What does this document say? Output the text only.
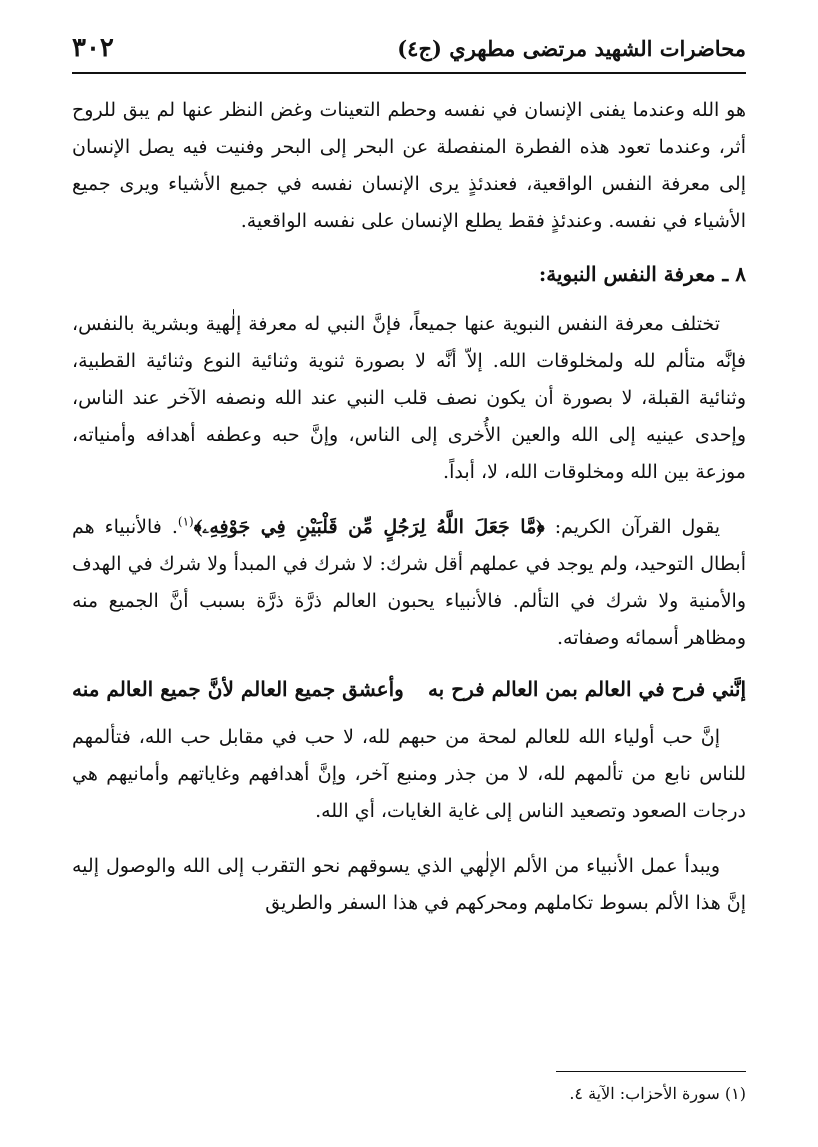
محاضرات الشهيد مرتضى مطهري (ج٤)
٣٠٢

هو الله وعندما يفنى الإنسان في نفسه وحطم التعينات وغض النظر عنها لم يبق للروح أثر، وعندما تعود هذه الفطرة المنفصلة عن البحر إلى البحر وفنيت فيه يصل الإنسان إلى معرفة النفس الواقعية، فعندئذٍ يرى الإنسان نفسه في جميع الأشياء ويرى جميع الأشياء في نفسه. وعندئذٍ فقط يطلع الإنسان على نفسه الواقعية.

٨ ـ معرفة النفس النبوية:

تختلف معرفة النفس النبوية عنها جميعاً، فإنَّ النبي له معرفة إلٰهية وبشرية بالنفس، فإنَّه متألم لله ولمخلوقات الله. إلاّ أنَّه لا بصورة ثنوية وثنائية النوع وثنائية القطبية، وثنائية القبلة، لا بصورة أن يكون نصف قلب النبي عند الله ونصفه الآخر عند الناس، وإحدى عينيه إلى الله والعين الأُخرى إلى الناس، وإنَّ حبه وعطفه أهدافه وأمنياته، موزعة بين الله ومخلوقات الله، لا، أبداً.

يقول القرآن الكريم: ﴿مَّا جَعَلَ اللَّهُ لِرَجُلٍ مِّن قَلْبَيْنِ فِي جَوْفِهِۦ﴾$^{(١)}$. فالأنبياء هم أبطال التوحيد، ولم يوجد في عملهم أقل شرك: لا شرك في المبدأ ولا شرك في الهدف والأمنية ولا شرك في التألم. فالأنبياء يحبون العالم ذرَّة ذرَّة بسبب أنَّ الجميع منه ومظاهر أسمائه وصفاته.

إنَّني فرح في العالم بمن العالم فرح به
وأعشق جميع العالم لأنَّ جميع العالم منه

إنَّ حب أولياء الله للعالم لمحة من حبهم لله، لا حب في مقابل حب الله، فتألمهم للناس نابع من تألمهم لله، لا من جذر ومنبع آخر، وإنَّ أهدافهم وغاياتهم وأمانيهم هي درجات الصعود وتصعيد الناس إلى غاية الغايات، أي الله.

ويبدأ عمل الأنبياء من الألم الإلٰهي الذي يسوقهم نحو التقرب إلى الله والوصول إليه إنَّ هذا الألم بسوط تكاملهم ومحركهم في هذا السفر والطريق

(١) سورة الأحزاب: الآية ٤.
